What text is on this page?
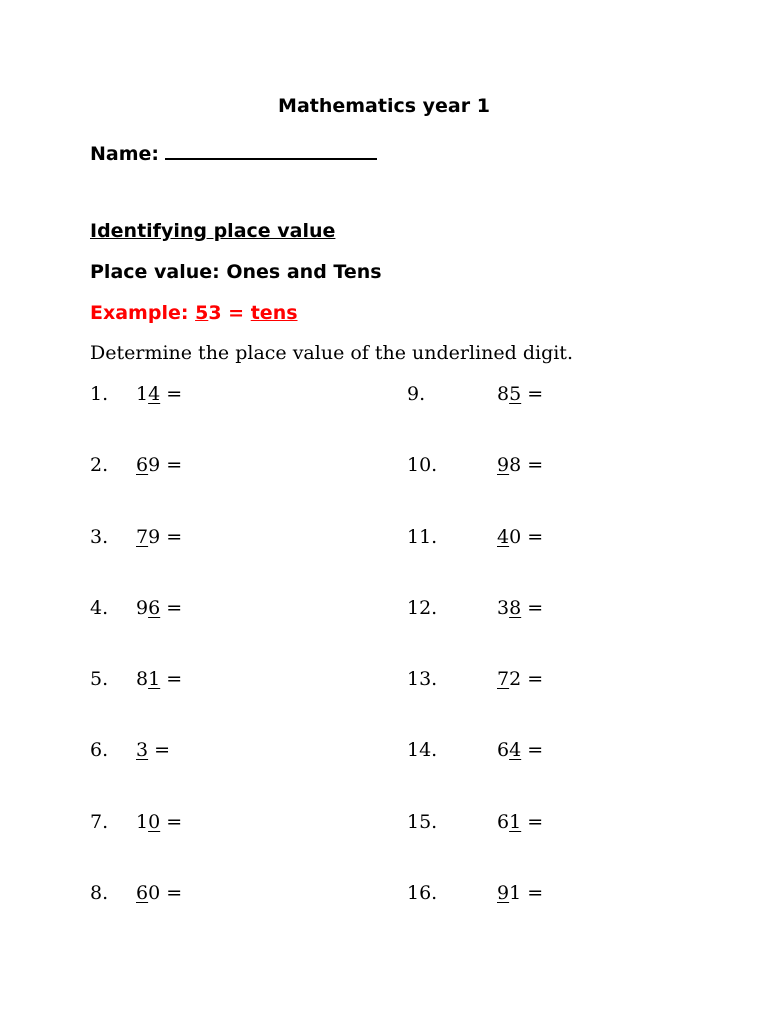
Mathematics year 1
Name:
Identifying place value
Place value: Ones and Tens
Example: 53 = tens
Determine the place value of the underlined digit.
1. 14 =
2. 69 =
3. 79 =
4. 96 =
5. 81 =
6. 3 =
7. 10 =
8. 60 =
9.	85 =
10.	98 =
11.	40 =
12.	38 =
13.	72 =
14.	64 =
15.	61 =
16.	91 =
